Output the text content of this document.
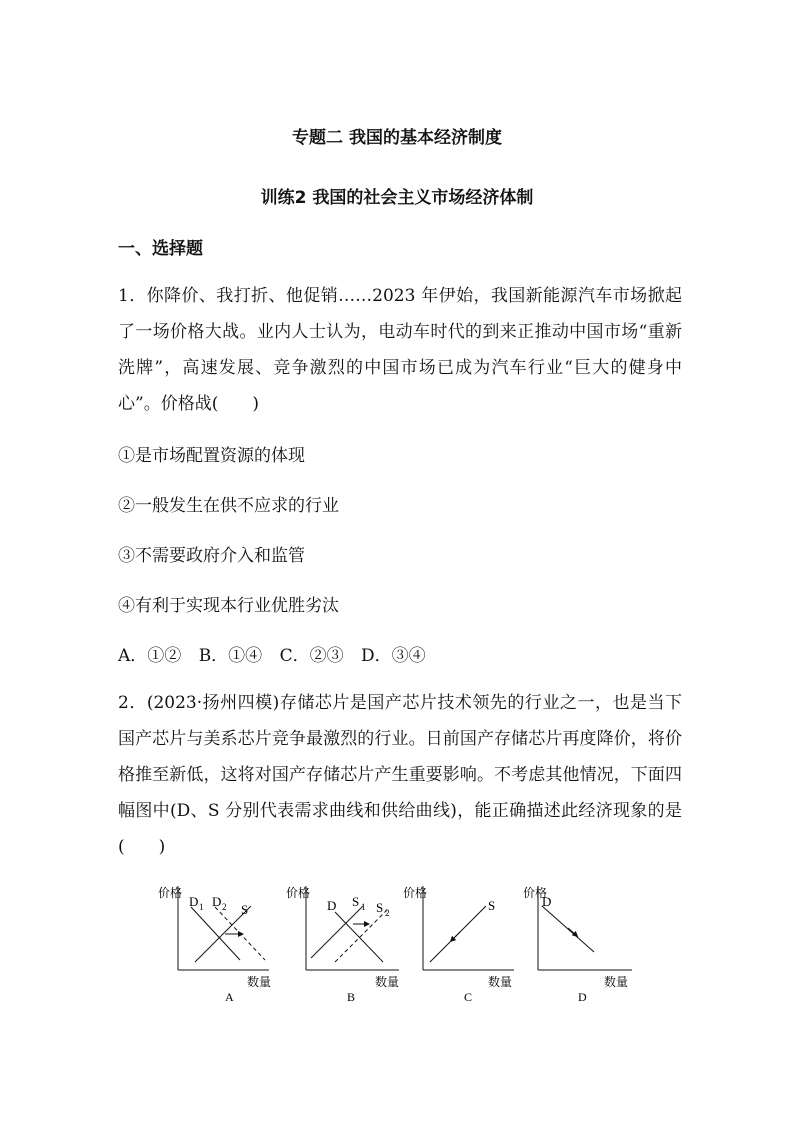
专题二 我国的基本经济制度
训练2 我国的社会主义市场经济体制
一、选择题
1．你降价、我打折、他促销……2023 年伊始，我国新能源汽车市场掀起了一场价格大战。业内人士认为，电动车时代的到来正推动中国市场“重新洗牌”，高速发展、竞争激烈的中国市场已成为汽车行业“巨大的健身中心”。价格战(　　)
①是市场配置资源的体现
②一般发生在供不应求的行业
③不需要政府介入和监管
④有利于实现本行业优胜劣汰
A．①② B．①④ C．②③ D．③④
2．(2023·扬州四模)存储芯片是国产芯片技术领先的行业之一，也是当下国产芯片与美系芯片竞争最激烈的行业。日前国产存储芯片再度降价，将价格推至新低，这将对国产存储芯片产生重要影响。不考虑其他情况，下面四幅图中(D、S 分别代表需求曲线和供给曲线)，能正确描述此经济现象的是(　　)
价格
D 1 D 2 S
数量
A
价格
D S 1 S 2
数量
B
价格
S
数量
C
价格
D
数量
D
